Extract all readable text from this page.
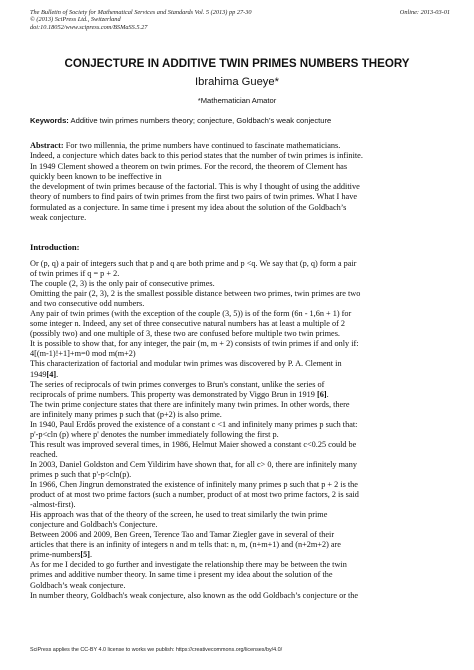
The Bulletin of Society for Mathematical Services and Standards Vol. 5 (2013) pp 27-30	Online: 2013-03-01
© (2013) SciPress Ltd., Switzerland
doi:10.18052/www.scipress.com/BSMaSS.5.27
CONJECTURE IN ADDITIVE TWIN PRIMES NUMBERS THEORY
Ibrahima Gueye*
*Mathematician Amator
Keywords: Additive twin primes numbers theory; conjecture, Goldbach’s weak conjecture
Abstract: For two millennia, the prime numbers have continued to fascinate mathematicians.
Indeed, a conjecture which dates back to this period states that the number of twin primes is infinite.
In 1949 Clement showed a theorem on twin primes. For the record, the theorem of Clement has
quickly been known to be ineffective in
the development of twin primes because of the factorial. This is why I thought of using the additive
theory of numbers to find pairs of twin primes from the first two pairs of twin primes. What I have
formulated as a conjecture. In same time i present my idea about the solution of the Goldbach’s
weak conjecture.
Introduction:
Or (p, q) a pair of integers such that p and q are both prime and p <q. We say that (p, q) form a pair
of twin primes if q = p + 2.
The couple (2, 3) is the only pair of consecutive primes.
Omitting the pair (2, 3), 2 is the smallest possible distance between two primes, twin primes are two
and two consecutive odd numbers.
Any pair of twin primes (with the exception of the couple (3, 5)) is of the form (6n - 1,6n + 1) for
some integer n. Indeed, any set of three consecutive natural numbers has at least a multiple of 2
(possibly two) and one multiple of 3, these two are confused before multiple two twin primes.
It is possible to show that, for any integer, the pair (m, m + 2) consists of twin primes if and only if:
4[(m-1)!+1]+m=0 mod m(m+2)
This characterization of factorial and modular twin primes was discovered by P. A. Clement in
1949[4].
The series of reciprocals of twin primes converges to Brun's constant, unlike the series of
reciprocals of prime numbers. This property was demonstrated by Viggo Brun in 1919 [6].
The twin prime conjecture states that there are infinitely many twin primes. In other words, there
are infinitely many primes p such that (p+2) is also prime.
In 1940, Paul Erdős proved the existence of a constant c <1 and infinitely many primes p such that:
p'-p<cln (p) where p' denotes the number immediately following the first p.
This result was improved several times, in 1986, Helmut Maier showed a constant c<0.25 could be
reached.
In 2003, Daniel Goldston and Cem Yildirim have shown that, for all c> 0, there are infinitely many
primes p such that p'-p<cln(p).
In 1966, Chen Jingrun demonstrated the existence of infinitely many primes p such that p + 2 is the
product of at most two prime factors (such a number, product of at most two prime factors, 2 is said
-almost-first).
His approach was that of the theory of the screen, he used to treat similarly the twin prime
conjecture and Goldbach's Conjecture.
Between 2006 and 2009, Ben Green, Terence Tao and Tamar Ziegler gave in several of their
articles that there is an infinity of integers n and m tells that: n, m, (n+m+1) and (n+2m+2) are
prime-numbers[5].
As for me I decided to go further and investigate the relationship there may be between the twin
primes and additive number theory. In same time i present my idea about the solution of the
Goldbach’s weak conjecture.
In number theory, Goldbach's weak conjecture, also known as the odd Goldbach’s conjecture or the
SciPress applies the CC-BY 4.0 license to works we publish: https://creativecommons.org/licenses/by/4.0/
